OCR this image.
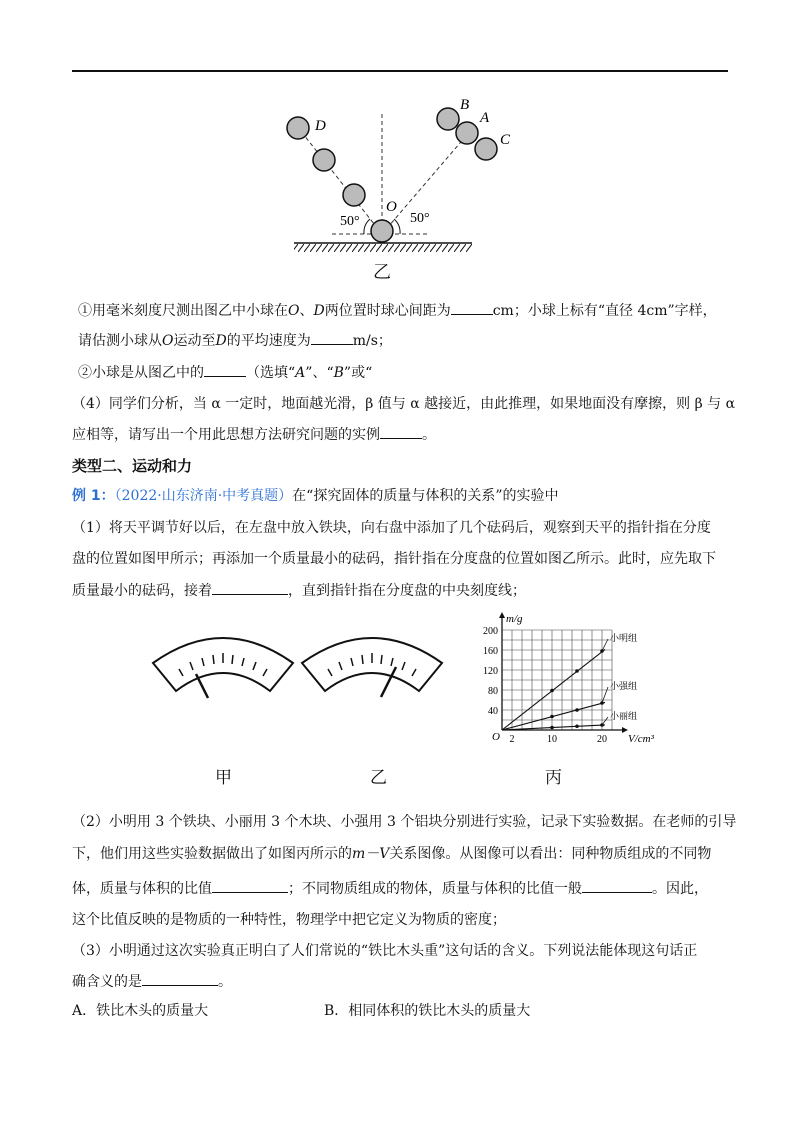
D
B
A
C
O
50°	50°
乙
①用毫米刻度尺测出图乙中小球在O、D两位置时球心间距为	cm；小球上标有“直径 4cm”字样，
请估测小球从O运动至D的平均速度为	m/s；
②小球是从图乙中的	（选填“A”、“B”或“
（4）同学们分析，当 α 一定时，地面越光滑，β 值与 α 越接近，由此推理，如果地面没有摩擦，则 β 与 α
应相等，请写出一个用此思想方法研究问题的实例	。
类型二、运动和力
例 1：（2022·山东济南·中考真题）在“探究固体的质量与体积的关系”的实验中
（1）将天平调节好以后，在左盘中放入铁块，向右盘中添加了几个砝码后，观察到天平的指针指在分度
盘的位置如图甲所示；再添加一个质量最小的砝码，指针指在分度盘的位置如图乙所示。此时，应先取下
质量最小的砝码，接着	，直到指针指在分度盘的中央刻度线；
40
80
120
160
200
2	10	20
O
m/g
V/cm³
小明组
小强组
小丽组
甲	乙	丙
（2）小明用 3 个铁块、小丽用 3 个木块、小强用 3 个铝块分别进行实验，记录下实验数据。在老师的引导
下，他们用这些实验数据做出了如图丙所示的m－V关系图像。从图像可以看出：同种物质组成的不同物
体，质量与体积的比值	；不同物质组成的物体，质量与体积的比值一般	。因此，
这个比值反映的是物质的一种特性，物理学中把它定义为物质的密度；
（3）小明通过这次实验真正明白了人们常说的“铁比木头重”这句话的含义。下列说法能体现这句话正
确含义的是	。
A．铁比木头的质量大	B．相同体积的铁比木头的质量大
